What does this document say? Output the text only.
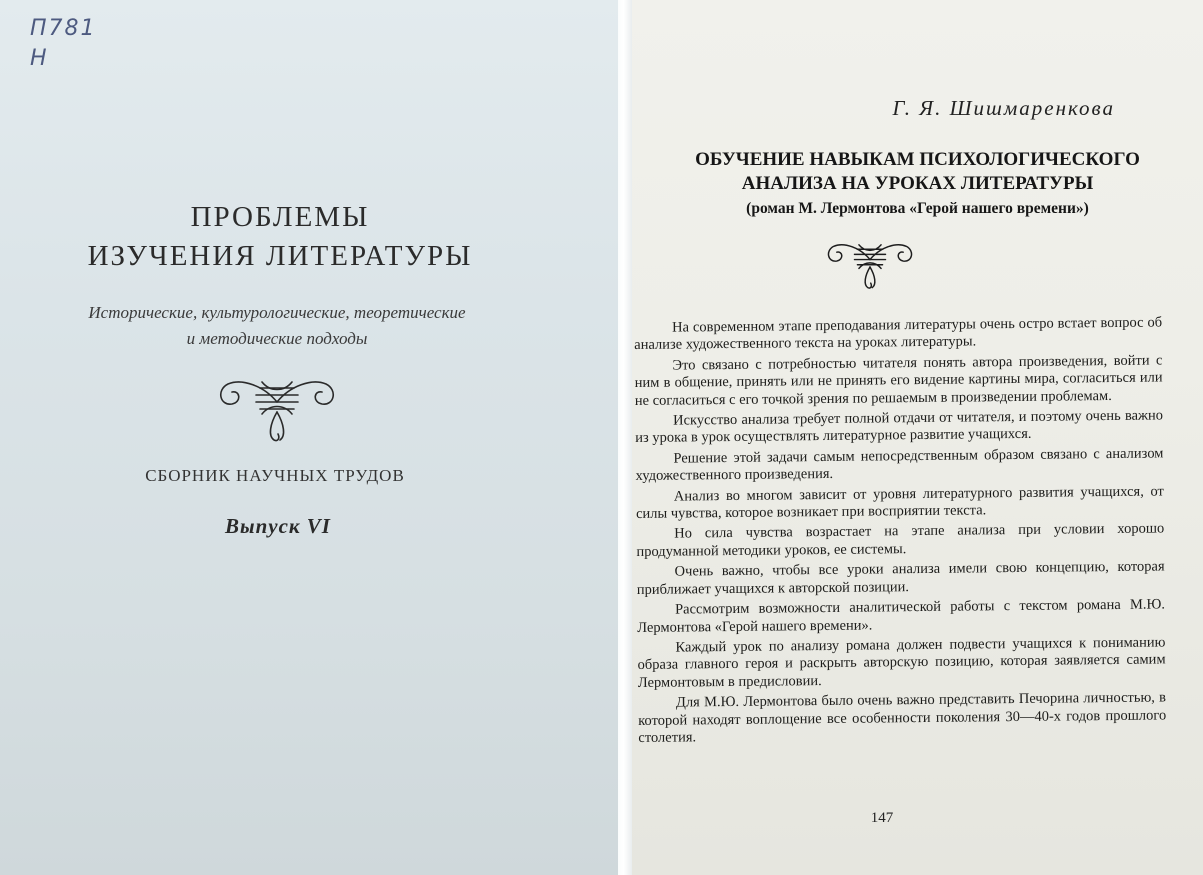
П781
Н
ПРОБЛЕМЫ
ИЗУЧЕНИЯ ЛИТЕРАТУРЫ
Исторические, культурологические, теоретические
и методические подходы
СБОРНИК НАУЧНЫХ ТРУДОВ
Выпуск VI
Г. Я. Шишмаренкова
ОБУЧЕНИЕ НАВЫКАМ ПСИХОЛОГИЧЕСКОГО
АНАЛИЗА НА УРОКАХ ЛИТЕРАТУРЫ
(роман М. Лермонтова «Герой нашего времени»)

На современном этапе преподавания литературы очень остро встает вопрос об анализе художественного текста на уроках литературы.

Это связано с потребностью читателя понять автора произведения, войти с ним в общение, принять или не принять его видение картины мира, согласиться или не согласиться с его точкой зрения по решаемым в произведении проблемам.

Искусство анализа требует полной отдачи от читателя, и поэтому очень важно из урока в урок осуществлять литературное развитие учащихся.

Решение этой задачи самым непосредственным образом связано с анализом художественного произведения.

Анализ во многом зависит от уровня литературного развития учащихся, от силы чувства, которое возникает при восприятии текста.

Но сила чувства возрастает на этапе анализа при условии хорошо продуманной методики уроков, ее системы.

Очень важно, чтобы все уроки анализа имели свою концепцию, которая приближает учащихся к авторской позиции.

Рассмотрим возможности аналитической работы с текстом романа М.Ю. Лермонтова «Герой нашего времени».

Каждый урок по анализу романа должен подвести учащихся к пониманию образа главного героя и раскрыть авторскую позицию, которая заявляется самим Лермонтовым в предисловии.

Для М.Ю. Лермонтова было очень важно представить Печорина личностью, в которой находят воплощение все особенности поколения 30—40-х годов прошлого столетия.

147
